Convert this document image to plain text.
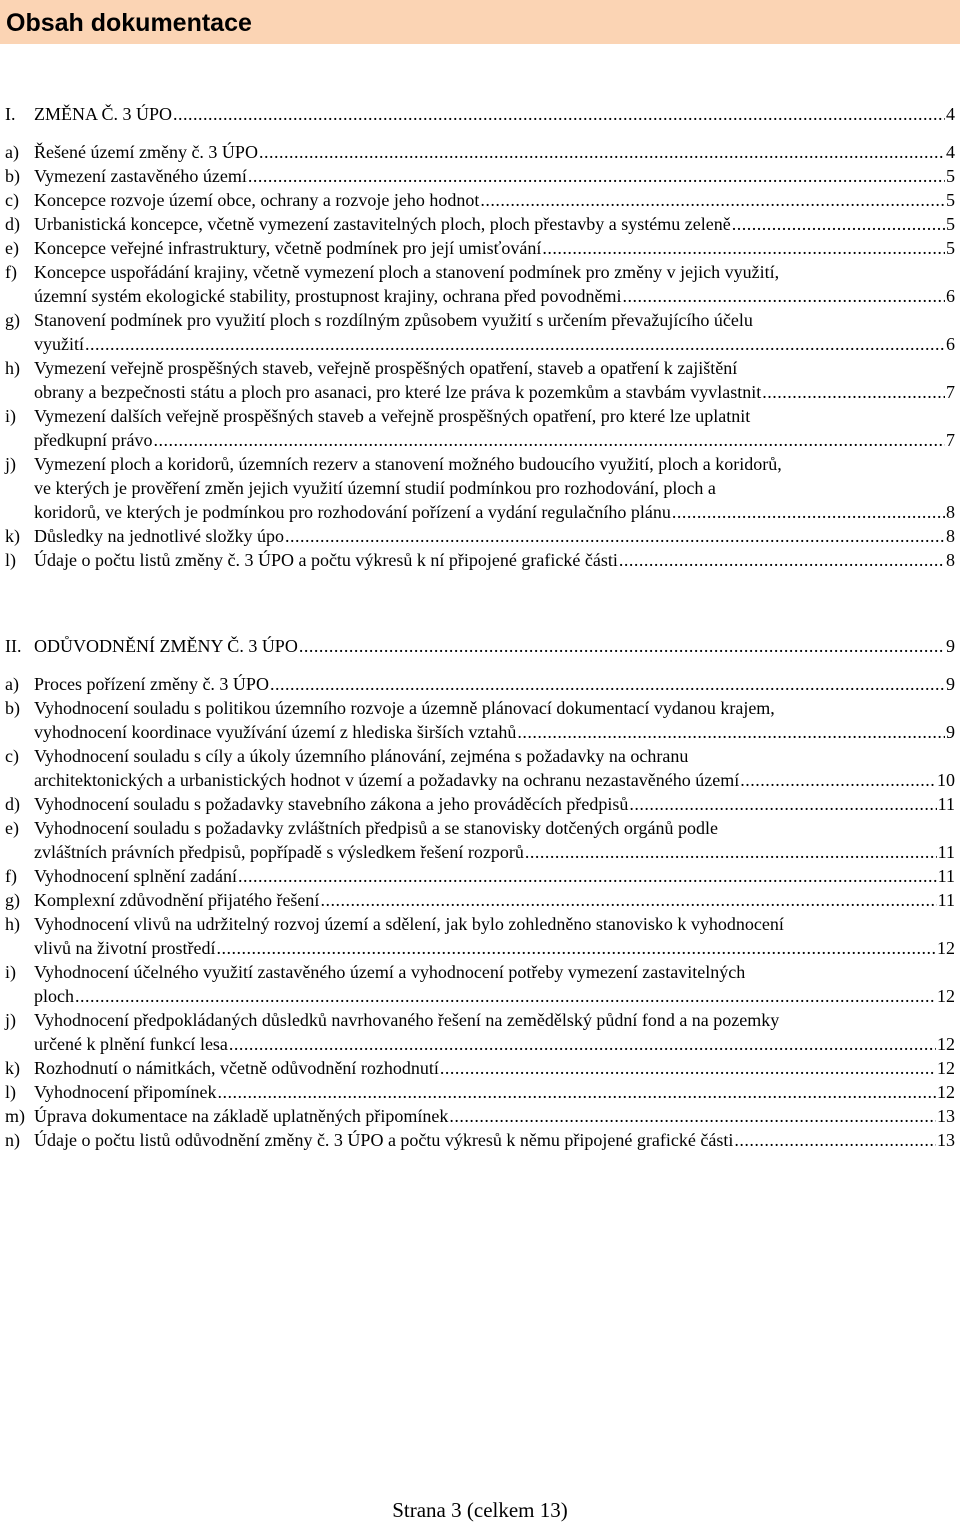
Obsah dokumentace
I. ZMĚNA Č. 3 ÚPO .....	4
a) Řešené území změny č. 3 ÚPO .....	4
b) Vymezení zastavěného území .....	5
c) Koncepce rozvoje území obce, ochrany a rozvoje jeho hodnot .....	5
d) Urbanistická koncepce, včetně vymezení zastavitelných ploch, ploch přestavby a systému zeleně .....	5
e) Koncepce veřejné infrastruktury, včetně podmínek pro její umisťování .....	5
f) Koncepce uspořádání krajiny, včetně vymezení ploch a stanovení podmínek pro změny v jejich využití,
územní systém ekologické stability, prostupnost krajiny, ochrana před povodněmi .....	6
g) Stanovení podmínek pro využití ploch s rozdílným způsobem využití s určením převažujícího účelu
využití .....	6
h) Vymezení veřejně prospěšných staveb, veřejně prospěšných opatření, staveb a opatření k zajištění
obrany a bezpečnosti státu a ploch pro asanaci, pro které lze práva k pozemkům a stavbám vyvlastnit .....	7
i) Vymezení dalších veřejně prospěšných staveb a veřejně prospěšných opatření, pro které lze uplatnit
předkupní právo .....	7
j) Vymezení ploch a koridorů, územních rezerv a stanovení možného budoucího využití, ploch a koridorů,
ve kterých je prověření změn jejich využití územní studií podmínkou pro rozhodování, ploch a
koridorů, ve kterých je podmínkou pro rozhodování pořízení a vydání regulačního plánu .....	8
k) Důsledky na jednotlivé složky úpo .....	8
l) Údaje o počtu listů změny č. 3 ÚPO a počtu výkresů k ní připojené grafické části .....	8
II. ODŮVODNĚNÍ ZMĚNY Č. 3 ÚPO .....	9
a) Proces pořízení změny č. 3 ÚPO .....	9
b) Vyhodnocení souladu s politikou územního rozvoje a územně plánovací dokumentací vydanou krajem,
vyhodnocení koordinace využívání území z hlediska širších vztahů .....	9
c) Vyhodnocení souladu s cíly a úkoly územního plánování, zejména s požadavky na ochranu
architektonických a urbanistických hodnot v území a požadavky na ochranu nezastavěného území .....	10
d) Vyhodnocení souladu s požadavky stavebního zákona a jeho prováděcích předpisů .....	11
e) Vyhodnocení souladu s požadavky zvláštních předpisů a se stanovisky dotčených orgánů podle
zvláštních právních předpisů, popřípadě s výsledkem řešení rozporů .....	11
f) Vyhodnocení splnění zadání .....	11
g) Komplexní zdůvodnění přijatého řešení .....	11
h) Vyhodnocení vlivů na udržitelný rozvoj území a sdělení, jak bylo zohledněno stanovisko k vyhodnocení
vlivů na životní prostředí .....	12
i) Vyhodnocení účelného využití zastavěného území a vyhodnocení potřeby vymezení zastavitelných
ploch .....	12
j) Vyhodnocení předpokládaných důsledků navrhovaného řešení na zemědělský půdní fond a na pozemky
určené k plnění funkcí lesa .....	12
k) Rozhodnutí o námitkách, včetně odůvodnění rozhodnutí .....	12
l) Vyhodnocení připomínek .....	12
m) Úprava dokumentace na základě uplatněných připomínek .....	13
n) Údaje o počtu listů odůvodnění změny č. 3 ÚPO a počtu výkresů k němu připojené grafické části .....	13
Strana 3 (celkem 13)
